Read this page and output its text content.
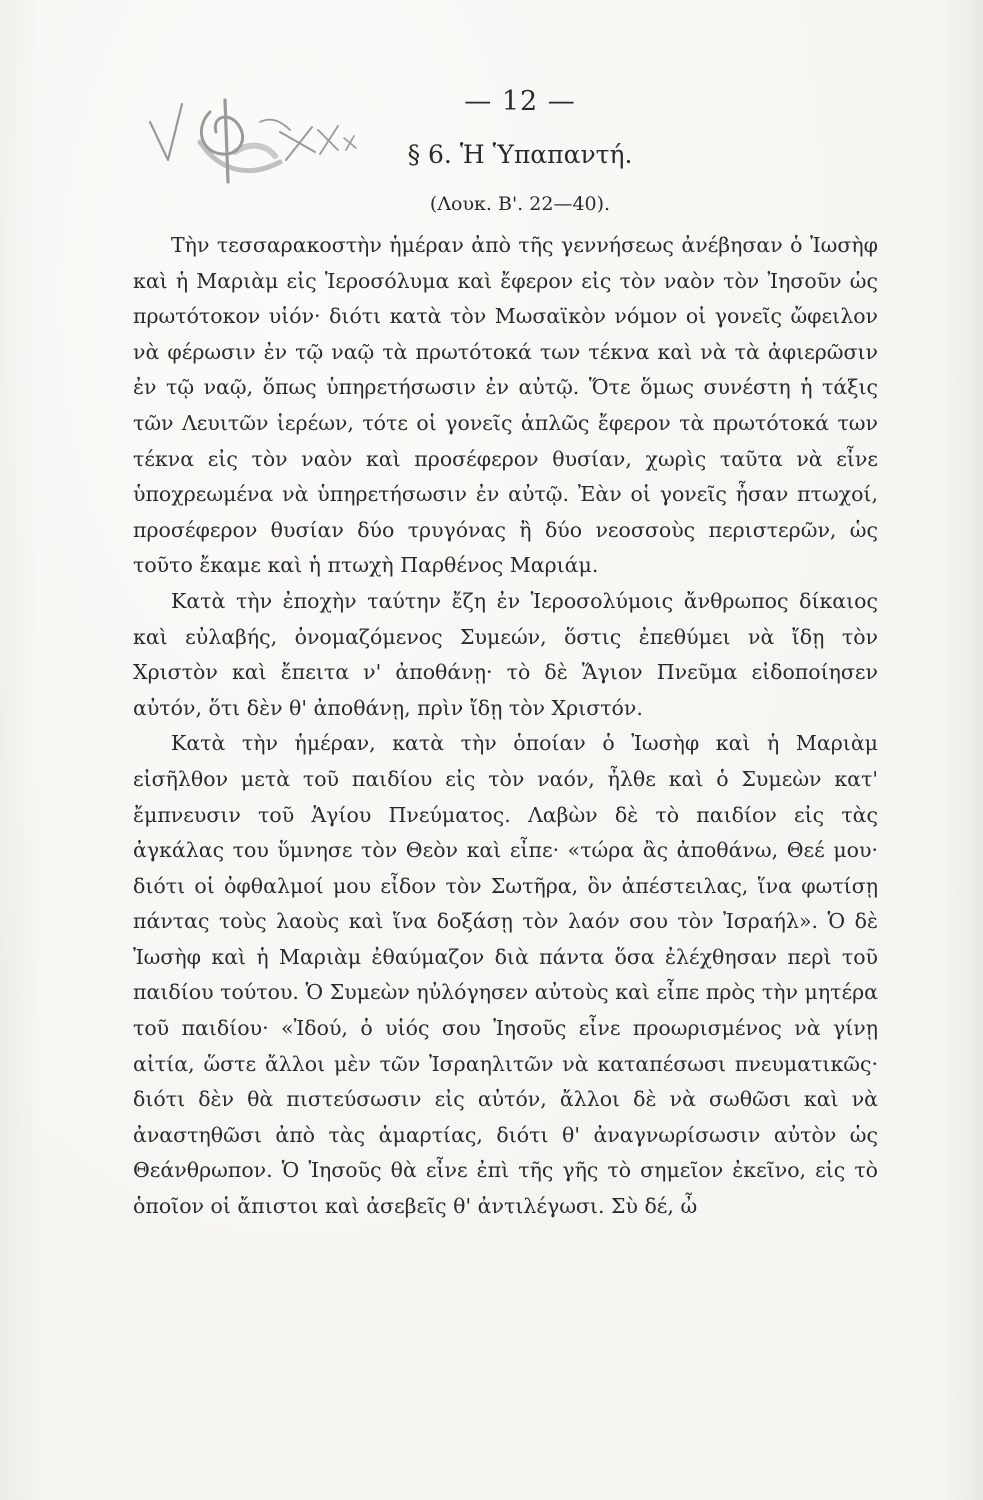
— 12 —
§ 6. Ἡ Ὑπαπαντή.
(Λουκ. Β'. 22—40).

Τὴν τεσσαρακοστὴν ἡμέραν ἀπὸ τῆς γεννήσεως ἀνέβησαν ὁ Ἰωσὴφ καὶ ἡ Μαριὰμ εἰς Ἱεροσόλυμα καὶ ἔφερον εἰς τὸν ναὸν τὸν Ἰησοῦν ὡς πρωτότοκον υἱόν· διότι κατὰ τὸν Μωσαϊκὸν νόμον οἱ γονεῖς ὤφειλον νὰ φέρωσιν ἐν τῷ ναῷ τὰ πρωτότοκά των τέκνα καὶ νὰ τὰ ἀφιερῶσιν ἐν τῷ ναῷ, ὅπως ὑπηρετήσωσιν ἐν αὐτῷ. Ὅτε ὅμως συνέστη ἡ τάξις τῶν Λευιτῶν ἱερέων, τότε οἱ γονεῖς ἁπλῶς ἔφερον τὰ πρωτότοκά των τέκνα εἰς τὸν ναὸν καὶ προσέφερον θυσίαν, χωρὶς ταῦτα νὰ εἶνε ὑποχρεωμένα νὰ ὑπηρετήσωσιν ἐν αὐτῷ. Ἐὰν οἱ γονεῖς ἦσαν πτωχοί, προσέφερον θυσίαν δύο τρυγόνας ἢ δύο νεοσσοὺς περιστερῶν, ὡς τοῦτο ἔκαμε καὶ ἡ πτωχὴ Παρθένος Μαριάμ.

Κατὰ τὴν ἐποχὴν ταύτην ἔζη ἐν Ἱεροσολύμοις ἄνθρωπος δίκαιος καὶ εὐλαβής, ὀνομαζόμενος Συμεών, ὅστις ἐπεθύμει νὰ ἴδῃ τὸν Χριστὸν καὶ ἔπειτα ν' ἀποθάνῃ· τὸ δὲ Ἅγιον Πνεῦμα εἰδοποίησεν αὐτόν, ὅτι δὲν θ' ἀποθάνῃ, πρὶν ἴδῃ τὸν Χριστόν.

Κατὰ τὴν ἡμέραν, κατὰ τὴν ὁποίαν ὁ Ἰωσὴφ καὶ ἡ Μαριὰμ εἰσῆλθον μετὰ τοῦ παιδίου εἰς τὸν ναόν, ἦλθε καὶ ὁ Συμεὼν κατ' ἔμπνευσιν τοῦ Ἁγίου Πνεύματος. Λαβὼν δὲ τὸ παιδίον εἰς τὰς ἀγκάλας του ὕμνησε τὸν Θεὸν καὶ εἶπε· «τώρα ἂς ἀποθάνω, Θεέ μου· διότι οἱ ὀφθαλμοί μου εἶδον τὸν Σωτῆρα, ὃν ἀπέστειλας, ἵνα φωτίσῃ πάντας τοὺς λαοὺς καὶ ἵνα δοξάσῃ τὸν λαόν σου τὸν Ἰσραήλ». Ὁ δὲ Ἰωσὴφ καὶ ἡ Μαριὰμ ἐθαύμαζον διὰ πάντα ὅσα ἐλέχθησαν περὶ τοῦ παιδίου τούτου. Ὁ Συμεὼν ηὐλόγησεν αὐτοὺς καὶ εἶπε πρὸς τὴν μητέρα τοῦ παιδίου· «Ἰδού, ὁ υἱός σου Ἰησοῦς εἶνε προωρισμένος νὰ γίνῃ αἰτία, ὥστε ἄλλοι μὲν τῶν Ἰσραηλιτῶν νὰ καταπέσωσι πνευματικῶς· διότι δὲν θὰ πιστεύσωσιν εἰς αὐτόν, ἄλλοι δὲ νὰ σωθῶσι καὶ νὰ ἀναστηθῶσι ἀπὸ τὰς ἁμαρτίας, διότι θ' ἀναγνωρίσωσιν αὐτὸν ὡς Θεάνθρωπον. Ὁ Ἰησοῦς θὰ εἶνε ἐπὶ τῆς γῆς τὸ σημεῖον ἐκεῖνο, εἰς τὸ ὁποῖον οἱ ἄπιστοι καὶ ἀσεβεῖς θ' ἀντιλέγωσι. Σὺ δέ, ὦ
